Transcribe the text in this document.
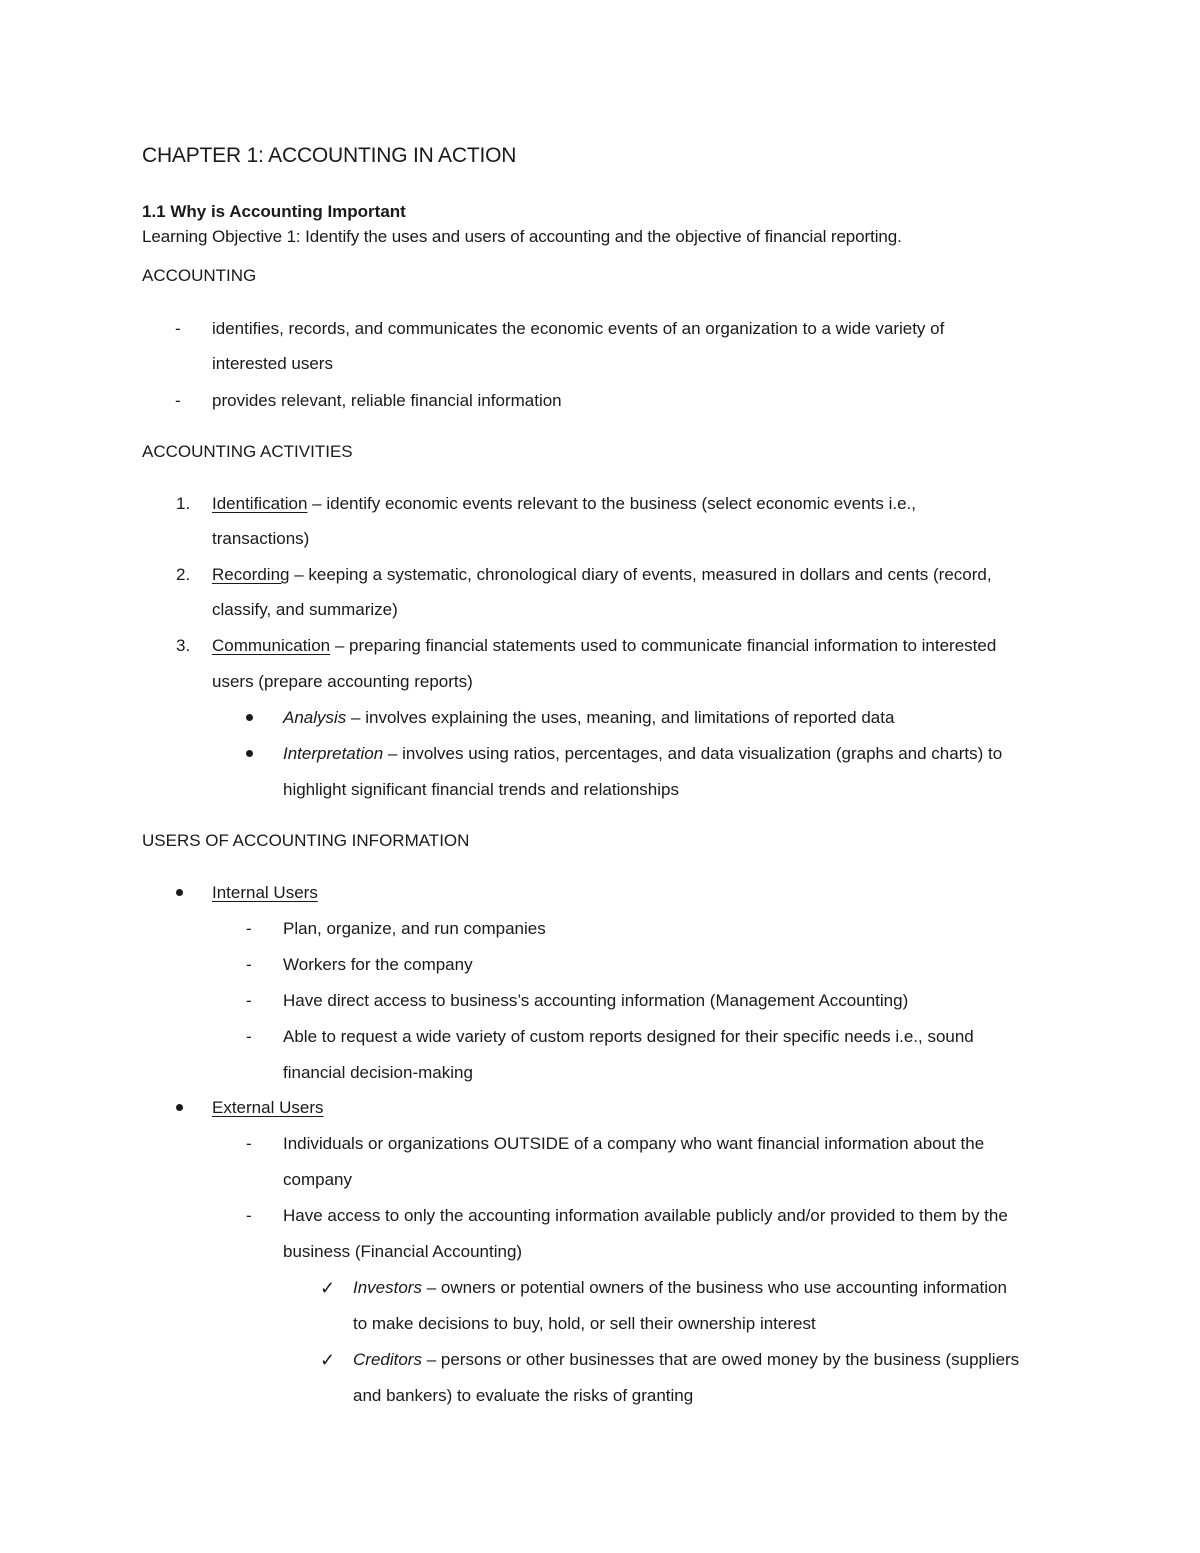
CHAPTER 1: ACCOUNTING IN ACTION
1.1 Why is Accounting Important
Learning Objective 1: Identify the uses and users of accounting and the objective of financial reporting.
ACCOUNTING
- identifies, records, and communicates the economic events of an organization to a wide variety of
interested users
- provides relevant, reliable financial information
ACCOUNTING ACTIVITIES
1. Identification – identify economic events relevant to the business (select economic events i.e.,
transactions)
2. Recording – keeping a systematic, chronological diary of events, measured in dollars and cents (record,
classify, and summarize)
3. Communication – preparing financial statements used to communicate financial information to interested
users (prepare accounting reports)
Analysis – involves explaining the uses, meaning, and limitations of reported data
Interpretation – involves using ratios, percentages, and data visualization (graphs and charts) to
highlight significant financial trends and relationships
USERS OF ACCOUNTING INFORMATION
Internal Users
- Plan, organize, and run companies
- Workers for the company
- Have direct access to business’s accounting information (Management Accounting)
- Able to request a wide variety of custom reports designed for their specific needs i.e., sound
financial decision-making
External Users
- Individuals or organizations OUTSIDE of a company who want financial information about the
company
- Have access to only the accounting information available publicly and/or provided to them by the
business (Financial Accounting)
✓ Investors – owners or potential owners of the business who use accounting information
to make decisions to buy, hold, or sell their ownership interest
✓ Creditors – persons or other businesses that are owed money by the business (suppliers
and bankers) to evaluate the risks of granting
